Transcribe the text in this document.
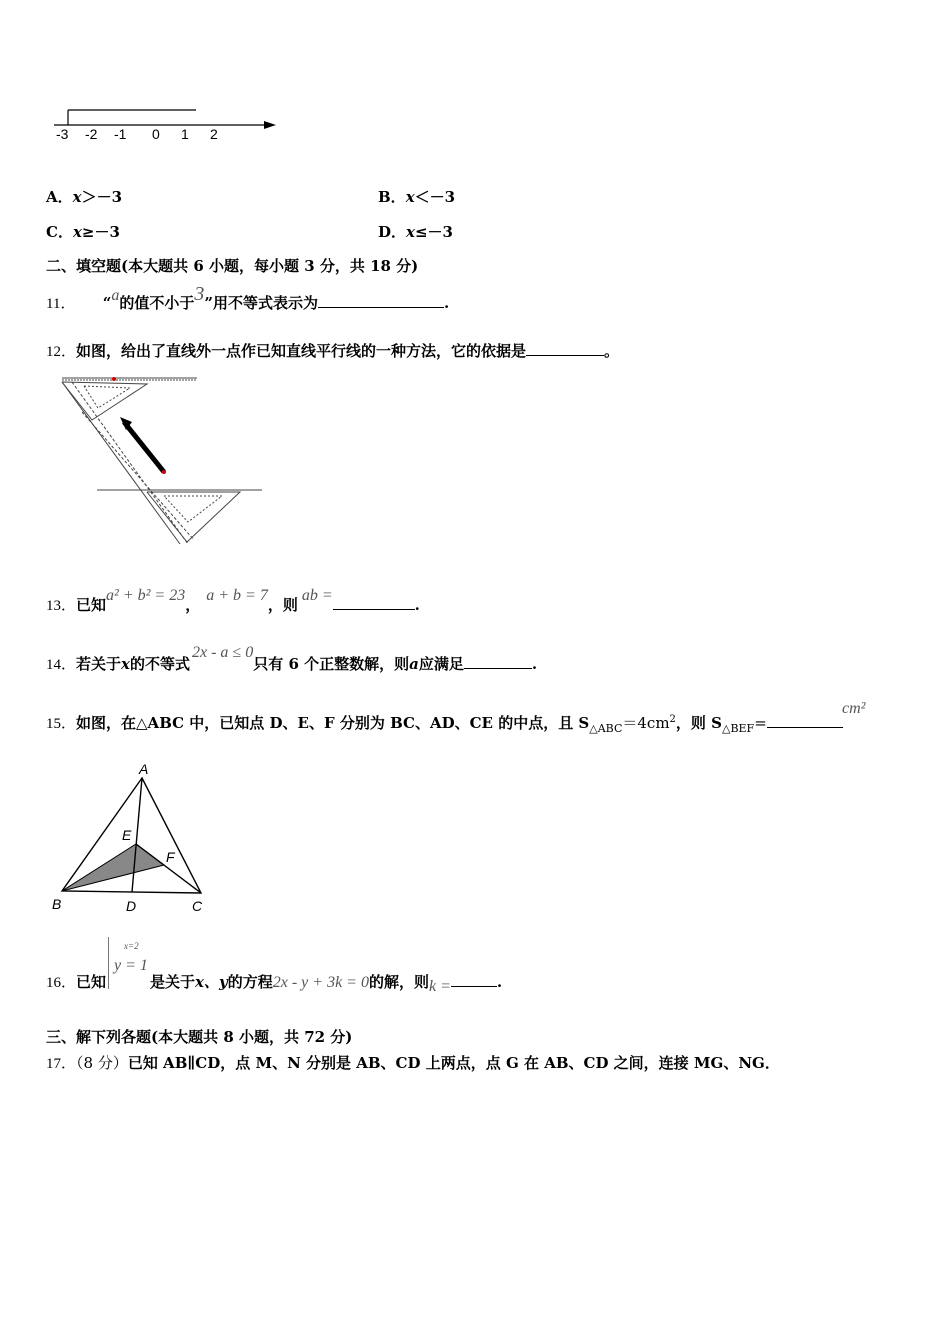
-3 -2 -1 0 1 2
A．x＞－3	B．x＜－3
C．x≥－3	D．x≤－3
二、填空题(本大题共 6 小题，每小题 3 分，共 18 分)
11． “a的值不小于3”用不等式表示为	.
12．如图，给出了直线外一点作已知直线平行线的一种方法，它的依据是	。
13．已知a² + b² = 23，a + b = 7，则ab =.
14．若关于x的不等式2x - a ≤ 0只有 6 个正整数解，则a应满足	.
15．如图，在△ABC 中，已知点 D、E、F 分别为 BC、AD、CE 的中点，且 $S_{\triangle ABC}=4cm^2$，则 $S_{\triangle BEF}=$
cm²
A
E
F
B	D	C
16．已知
x=2
y = 1
是关于x、y的方程2x - y + 3k = 0的解，则k =	.
三、解下列各题(本大题共 8 小题，共 72 分)
17．（8 分）已知 AB∥CD，点 M、N 分别是 AB、CD 上两点，点 G 在 AB、CD 之间，连接 MG、NG．
